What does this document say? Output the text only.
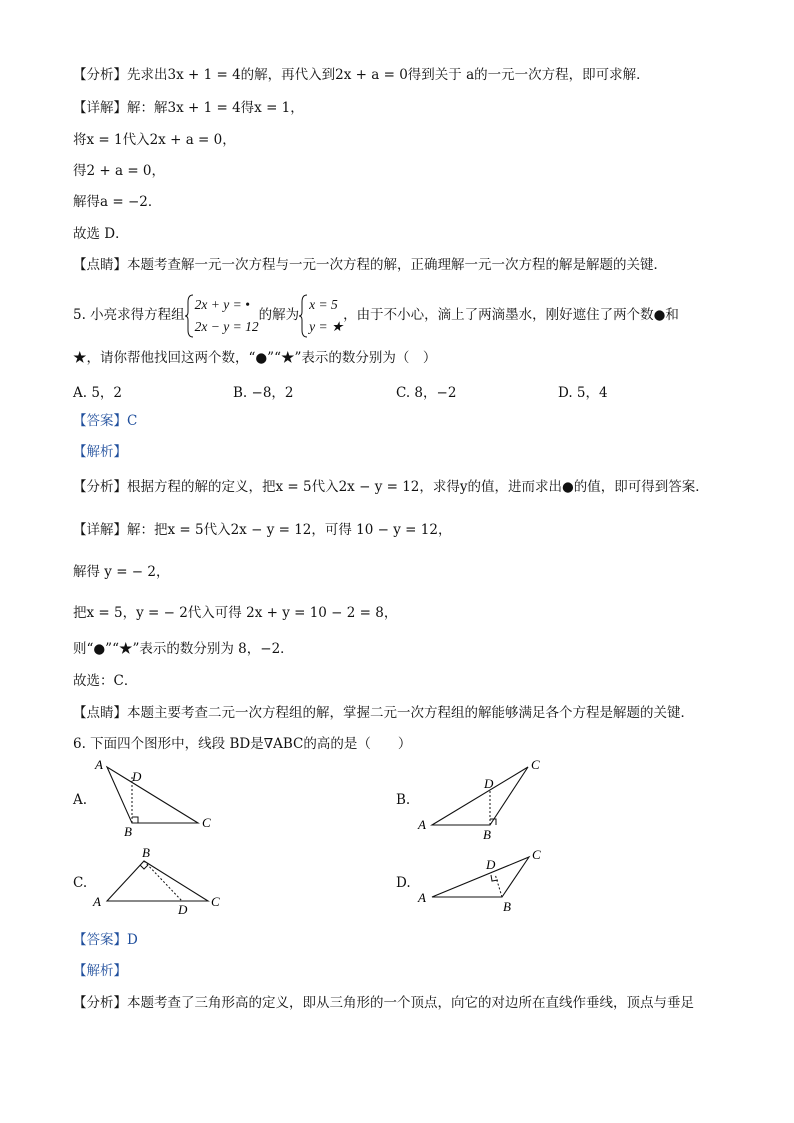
【分析】先求出3x + 1 = 4的解，再代入到2x + a = 0得到关于 a的一元一次方程，即可求解．
【详解】解：解3x + 1 = 4得x = 1，
将x = 1代入2x + a = 0，
得2 + a = 0，
解得a = −2．
故选 D．
【点睛】本题考查解一元一次方程与一元一次方程的解，正确理解一元一次方程的解是解题的关键．
5. 小亮求得方程组
2x + y = •
2x − y = 12
的解为
x = 5
y = ★
，由于不小心，滴上了两滴墨水，刚好遮住了两个数●和
★，请你帮他找回这两个数，“●”“★”表示的数分别为（　）
A. 5，2	B. −8，2	C. 8，−2	D. 5，4
【答案】C
【解析】
【分析】根据方程的解的定义，把x = 5代入2x − y = 12，求得y的值，进而求出●的值，即可得到答案．
【详解】解：把x = 5代入2x − y = 12，可得 10 − y = 12，
解得 y = − 2，
把x = 5，y = − 2代入可得 2x + y = 10 − 2 = 8，
则“●”“★”表示的数分别为 8，−2．
故选：C．
【点睛】本题主要考查二元一次方程组的解，掌握二元一次方程组的解能够满足各个方程是解题的关键．
6. 下面四个图形中，线段 BD是∇ABC的高的是（　　）
A.	B.
C.	D.
A
D
B
C	A
D
B
C
A
B
D
C	A
D
B
C
【答案】D
【解析】
【分析】本题考查了三角形高的定义，即从三角形的一个顶点，向它的对边所在直线作垂线，顶点与垂足
